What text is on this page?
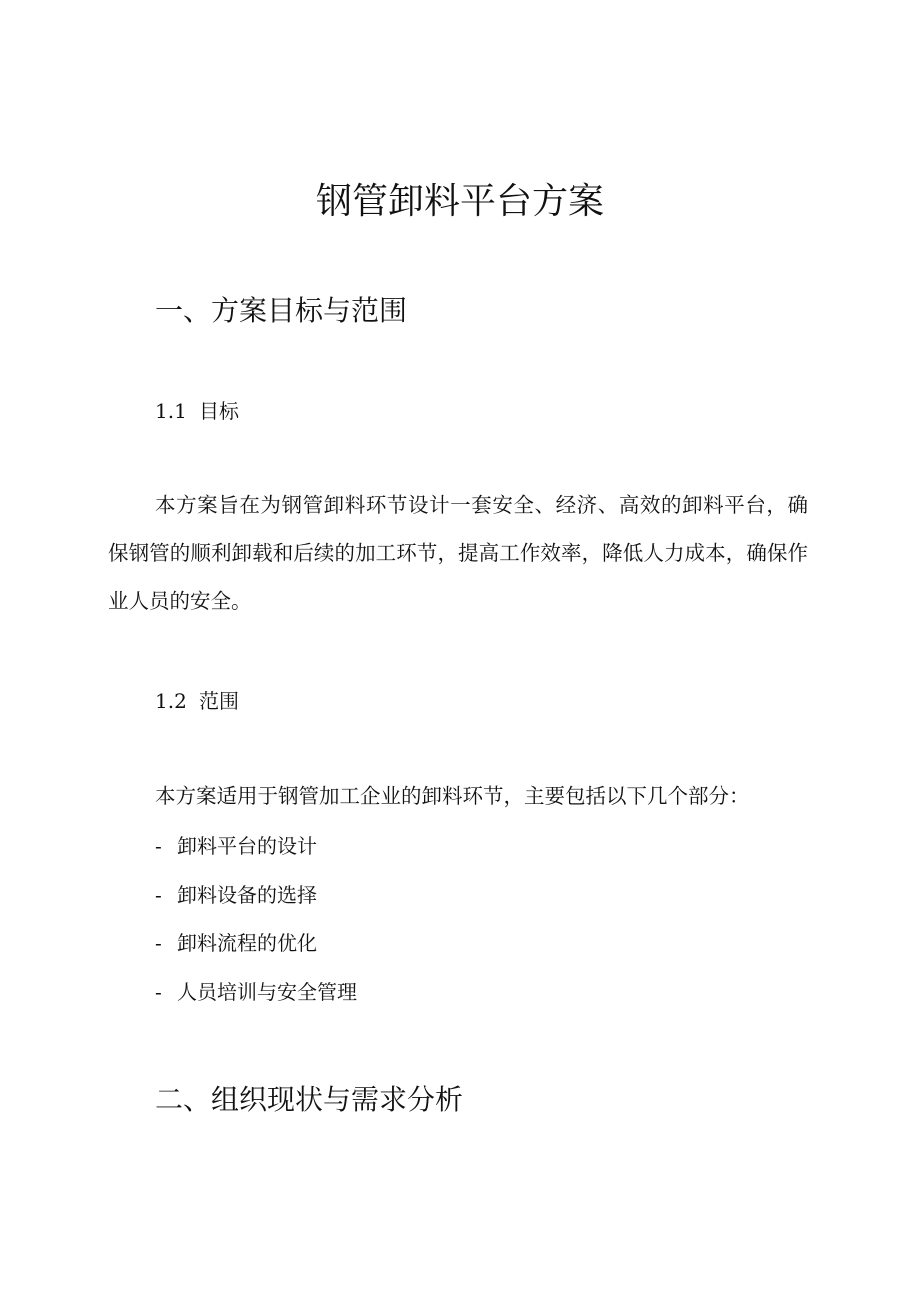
钢管卸料平台方案
一、方案目标与范围
1.1 目标

本方案旨在为钢管卸料环节设计一套安全、经济、高效的卸料平台，确保钢管的顺利卸载和后续的加工环节，提高工作效率，降低人力成本，确保作业人员的安全。

1.2 范围

本方案适用于钢管加工企业的卸料环节，主要包括以下几个部分：

- 卸料平台的设计
- 卸料设备的选择
- 卸料流程的优化
- 人员培训与安全管理
二、组织现状与需求分析
